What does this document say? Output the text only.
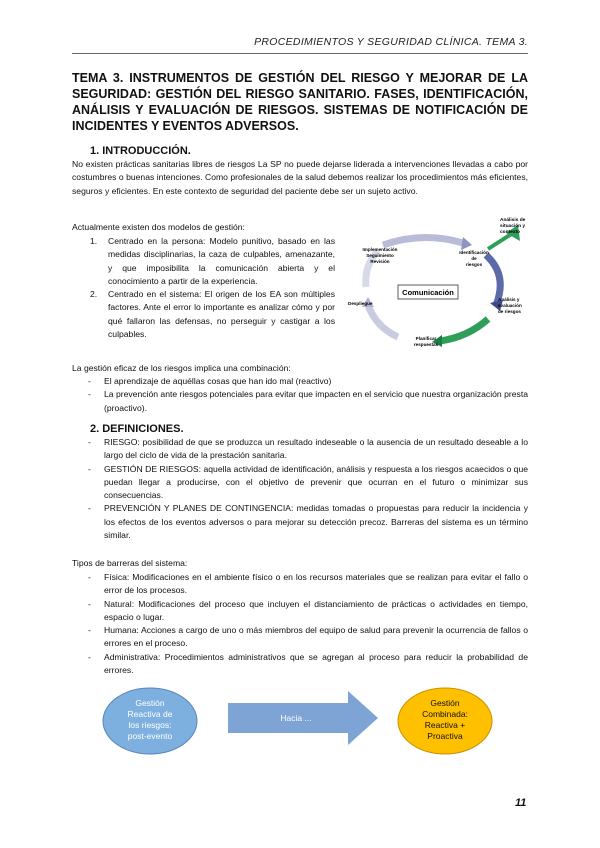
PROCEDIMIENTOS Y SEGURIDAD CLÍNICA. TEMA 3.
TEMA 3. INSTRUMENTOS DE GESTIÓN DEL RIESGO Y MEJORAR DE LA SEGURIDAD: GESTIÓN DEL RIESGO SANITARIO. FASES, IDENTIFICACIÓN, ANÁLISIS Y EVALUACIÓN DE RIESGOS. SISTEMAS DE NOTIFICACIÓN DE INCIDENTES Y EVENTOS ADVERSOS.
1. INTRODUCCIÓN.
No existen prácticas sanitarias libres de riesgos La SP no puede dejarse liderada a intervenciones llevadas a cabo por costumbres o buenas intenciones. Como profesionales de la salud debemos realizar los procedimientos más eficientes, seguros y eficientes. En este contexto de seguridad del paciente debe ser un sujeto activo.
Actualmente existen dos modelos de gestión:
1. Centrado en la persona: Modelo punitivo, basado en las medidas disciplinarias, la caza de culpables, amenazante, y que imposibilita la comunicación abierta y el conocimiento a partir de la experiencia.
2. Centrado en el sistema: El origen de los EA son múltiples factores. Ante el error lo importante es analizar cómo y por qué fallaron las defensas, no perseguir y castigar a los culpables.
Comunicación
Análisis de
situación y
contexto
Identificación
de
riesgos
Análisis y
evaluación
de riesgos
Planificar
respuestas
Despliegue
Implementación
Seguimiento
Revisión
La gestión eficaz de los riesgos implica una combinación:
- El aprendizaje de aquéllas cosas que han ido mal (reactivo)
- La prevención ante riesgos potenciales para evitar que impacten en el servicio que nuestra organización presta (proactivo).
2. DEFINICIONES.
- RIESGO: posibilidad de que se produzca un resultado indeseable o la ausencia de un resultado deseable a lo largo del ciclo de vida de la prestación sanitaria.
- GESTIÓN DE RIESGOS: aquella actividad de identificación, análisis y respuesta a los riesgos acaecidos o que puedan llegar a producirse, con el objetivo de prevenir que ocurran en el futuro o minimizar sus consecuencias.
- PREVENCIÓN Y PLANES DE CONTINGENCIA: medidas tomadas o propuestas para reducir la incidencia y los efectos de los eventos adversos o para mejorar su detección precoz. Barreras del sistema es un término similar.
Tipos de barreras del sistema:
- Física: Modificaciones en el ambiente físico o en los recursos materiales que se realizan para evitar el fallo o error de los procesos.
- Natural: Modificaciones del proceso que incluyen el distanciamiento de prácticas o actividades en tiempo, espacio o lugar.
- Humana: Acciones a cargo de uno o más miembros del equipo de salud para prevenir la ocurrencia de fallos o errores en el proceso.
- Administrativa: Procedimientos administrativos que se agregan al proceso para reducir la probabilidad de errores.
Gestión
Reactiva de
los riesgos:
post-evento
Hacia ...
Gestión
Combinada:
Reactiva +
Proactiva
11
